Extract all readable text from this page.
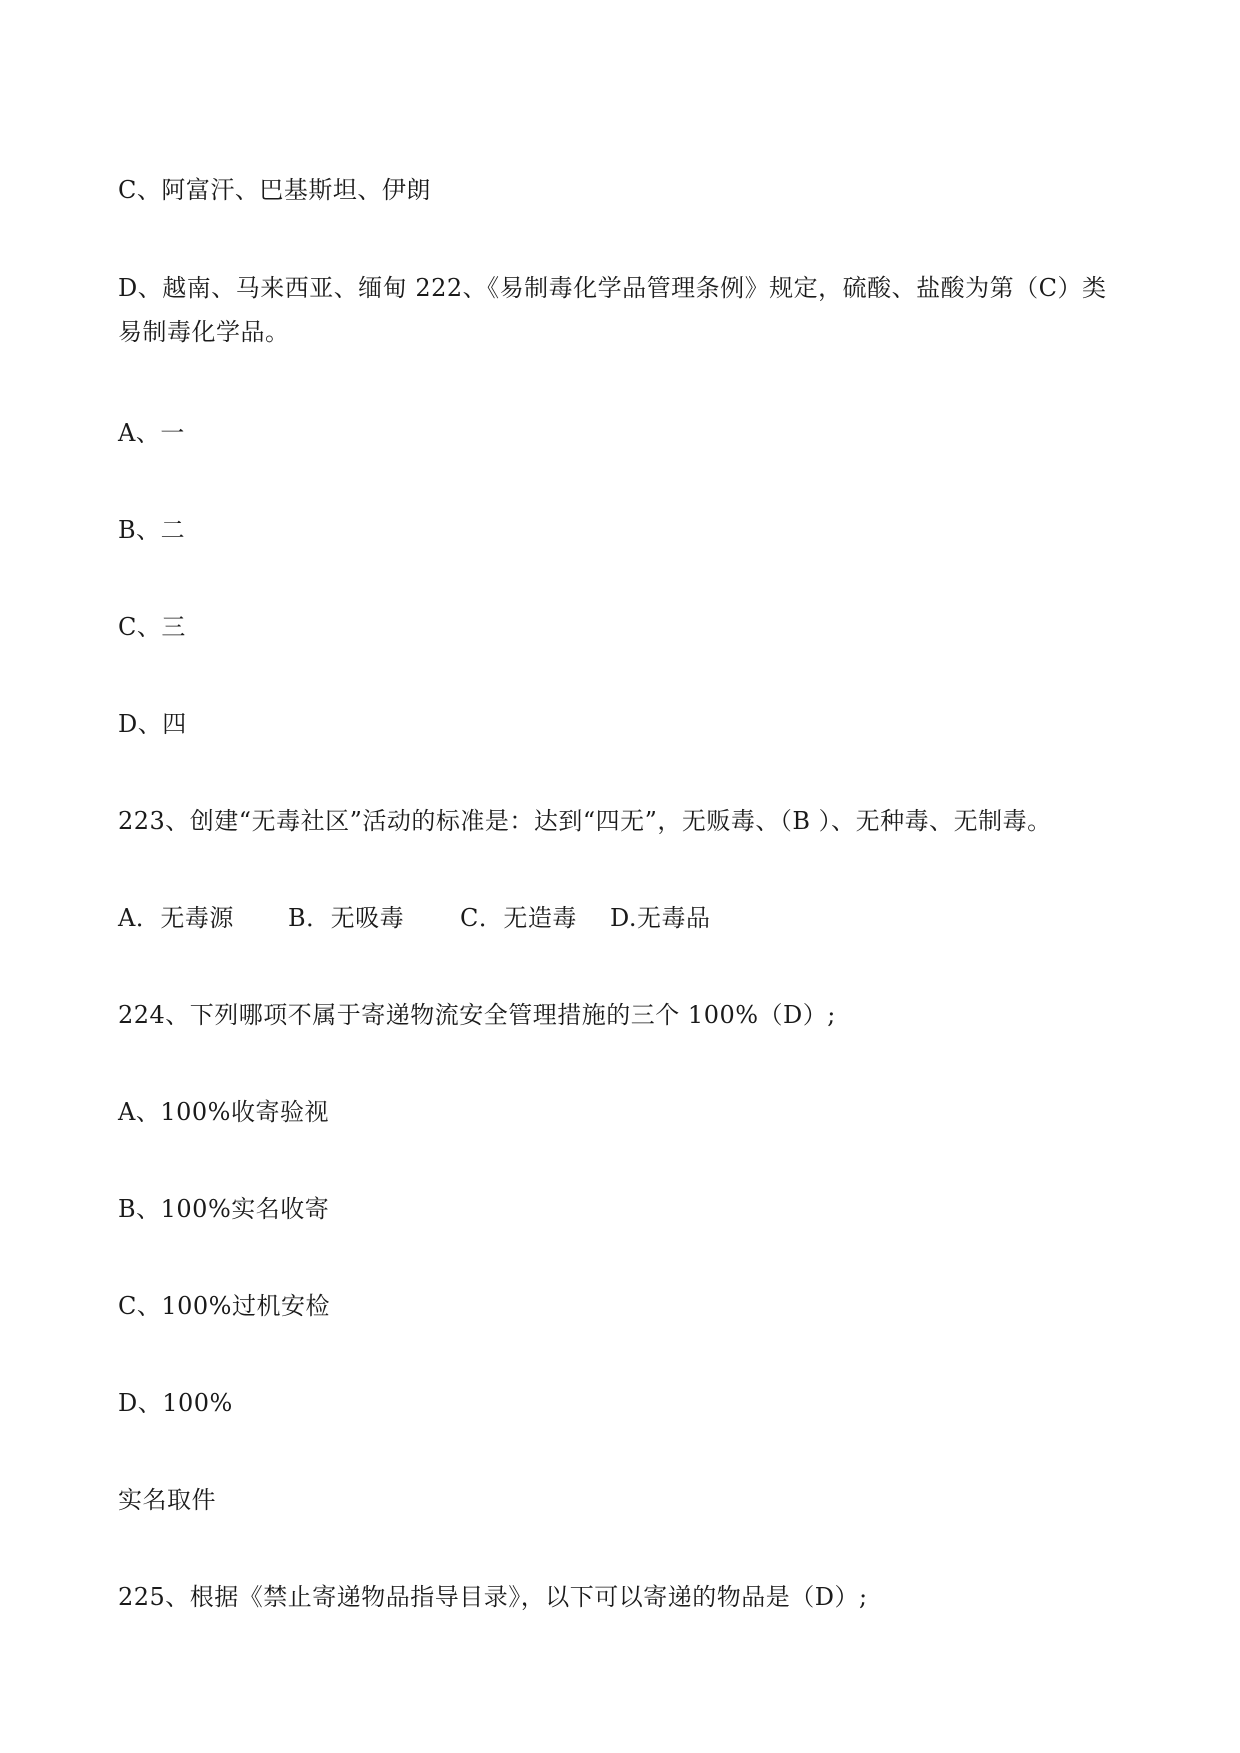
C、阿富汗、巴基斯坦、伊朗
D、越南、马来西亚、缅甸 222、《易制毒化学品管理条例》规定，硫酸、盐酸为第（C）类易制毒化学品。
A、一
B、二
C、三
D、四
223、创建“无毒社区”活动的标准是：达到“四无”，无贩毒、（B ）、无种毒、无制毒。
A．无毒源 B．无吸毒 C．无造毒 D.无毒品
224、下列哪项不属于寄递物流安全管理措施的三个 100%（D）;
A、100%收寄验视
B、100%实名收寄
C、100%过机安检
D、100%
实名取件
225、根据《禁止寄递物品指导目录》，以下可以寄递的物品是（D）;
